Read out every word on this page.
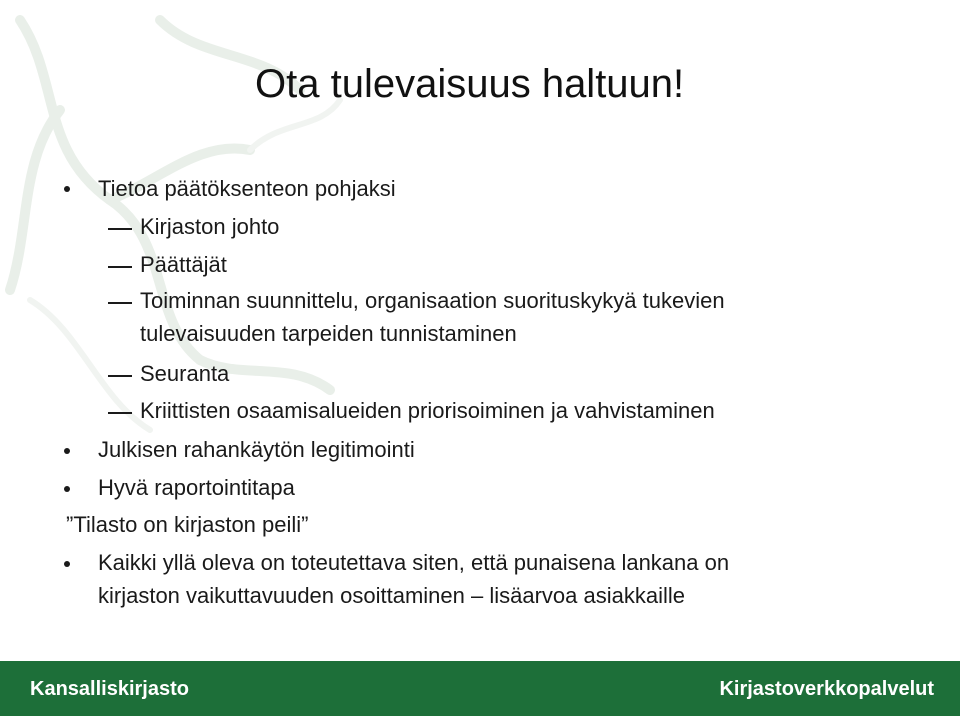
Ota tulevaisuus haltuun!
Tietoa päätöksenteon pohjaksi
Kirjaston johto
Päättäjät
Toiminnan suunnittelu, organisaation suorituskykyä tukevien
tulevaisuuden tarpeiden tunnistaminen
Seuranta
Kriittisten osaamisalueiden priorisoiminen ja vahvistaminen
Julkisen rahankäytön legitimointi
Hyvä raportointitapa
”Tilasto on kirjaston peili”
Kaikki yllä oleva on toteutettava siten, että punaisena lankana on
kirjaston vaikuttavuuden osoittaminen – lisäarvoa asiakkaille
Kansalliskirjasto	Kirjastoverkkopalvelut
